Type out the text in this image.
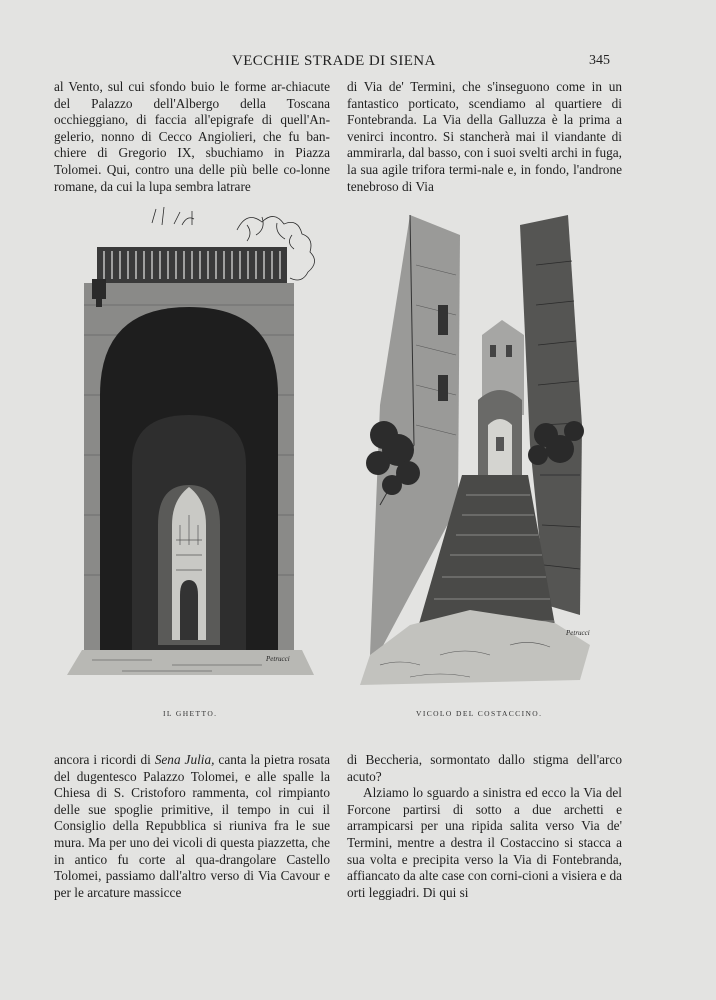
VECCHIE STRADE DI SIENA	345

al Vento, sul cui sfondo buio le forme ar-chiacute del Palazzo dell'Albergo della Toscana occhieggiano, di faccia all'epigrafe di quell'An-gelerio, nonno di Cecco Angiolieri, che fu ban-chiere di Gregorio IX, sbuchiamo in Piazza Tolomei. Qui, contro una delle più belle co-lonne romane, da cui la lupa sembra latrare

di Via de' Termini, che s'inseguono come in un fantastico porticato, scendiamo al quartiere di Fontebranda. La Via della Galluzza è la prima a venirci incontro. Si stancherà mai il viandante di ammirarla, dal basso, con i suoi svelti archi in fuga, la sua agile trifora termi-nale e, in fondo, l'androne tenebroso di Via

Petrucci
Petrucci
IL GHETTO.	VICOLO DEL COSTACCINO.

ancora i ricordi di Sena Julia, canta la pietra rosata del dugentesco Palazzo Tolomei, e alle spalle la Chiesa di S. Cristoforo rammenta, col rimpianto delle sue spoglie primitive, il tempo in cui il Consiglio della Repubblica si riuniva fra le sue mura. Ma per uno dei vicoli di questa piazzetta, che in antico fu corte al qua-drangolare Castello Tolomei, passiamo dall'altro verso di Via Cavour e per le arcature massicce

di Beccheria, sormontato dallo stigma dell'arco acuto?

Alziamo lo sguardo a sinistra ed ecco la Via del Forcone partirsi di sotto a due archetti e arrampicarsi per una ripida salita verso Via de' Termini, mentre a destra il Costaccino si stacca a sua volta e precipita verso la Via di Fontebranda, affiancato da alte case con corni-cioni a visiera e da orti leggiadri. Di qui si
